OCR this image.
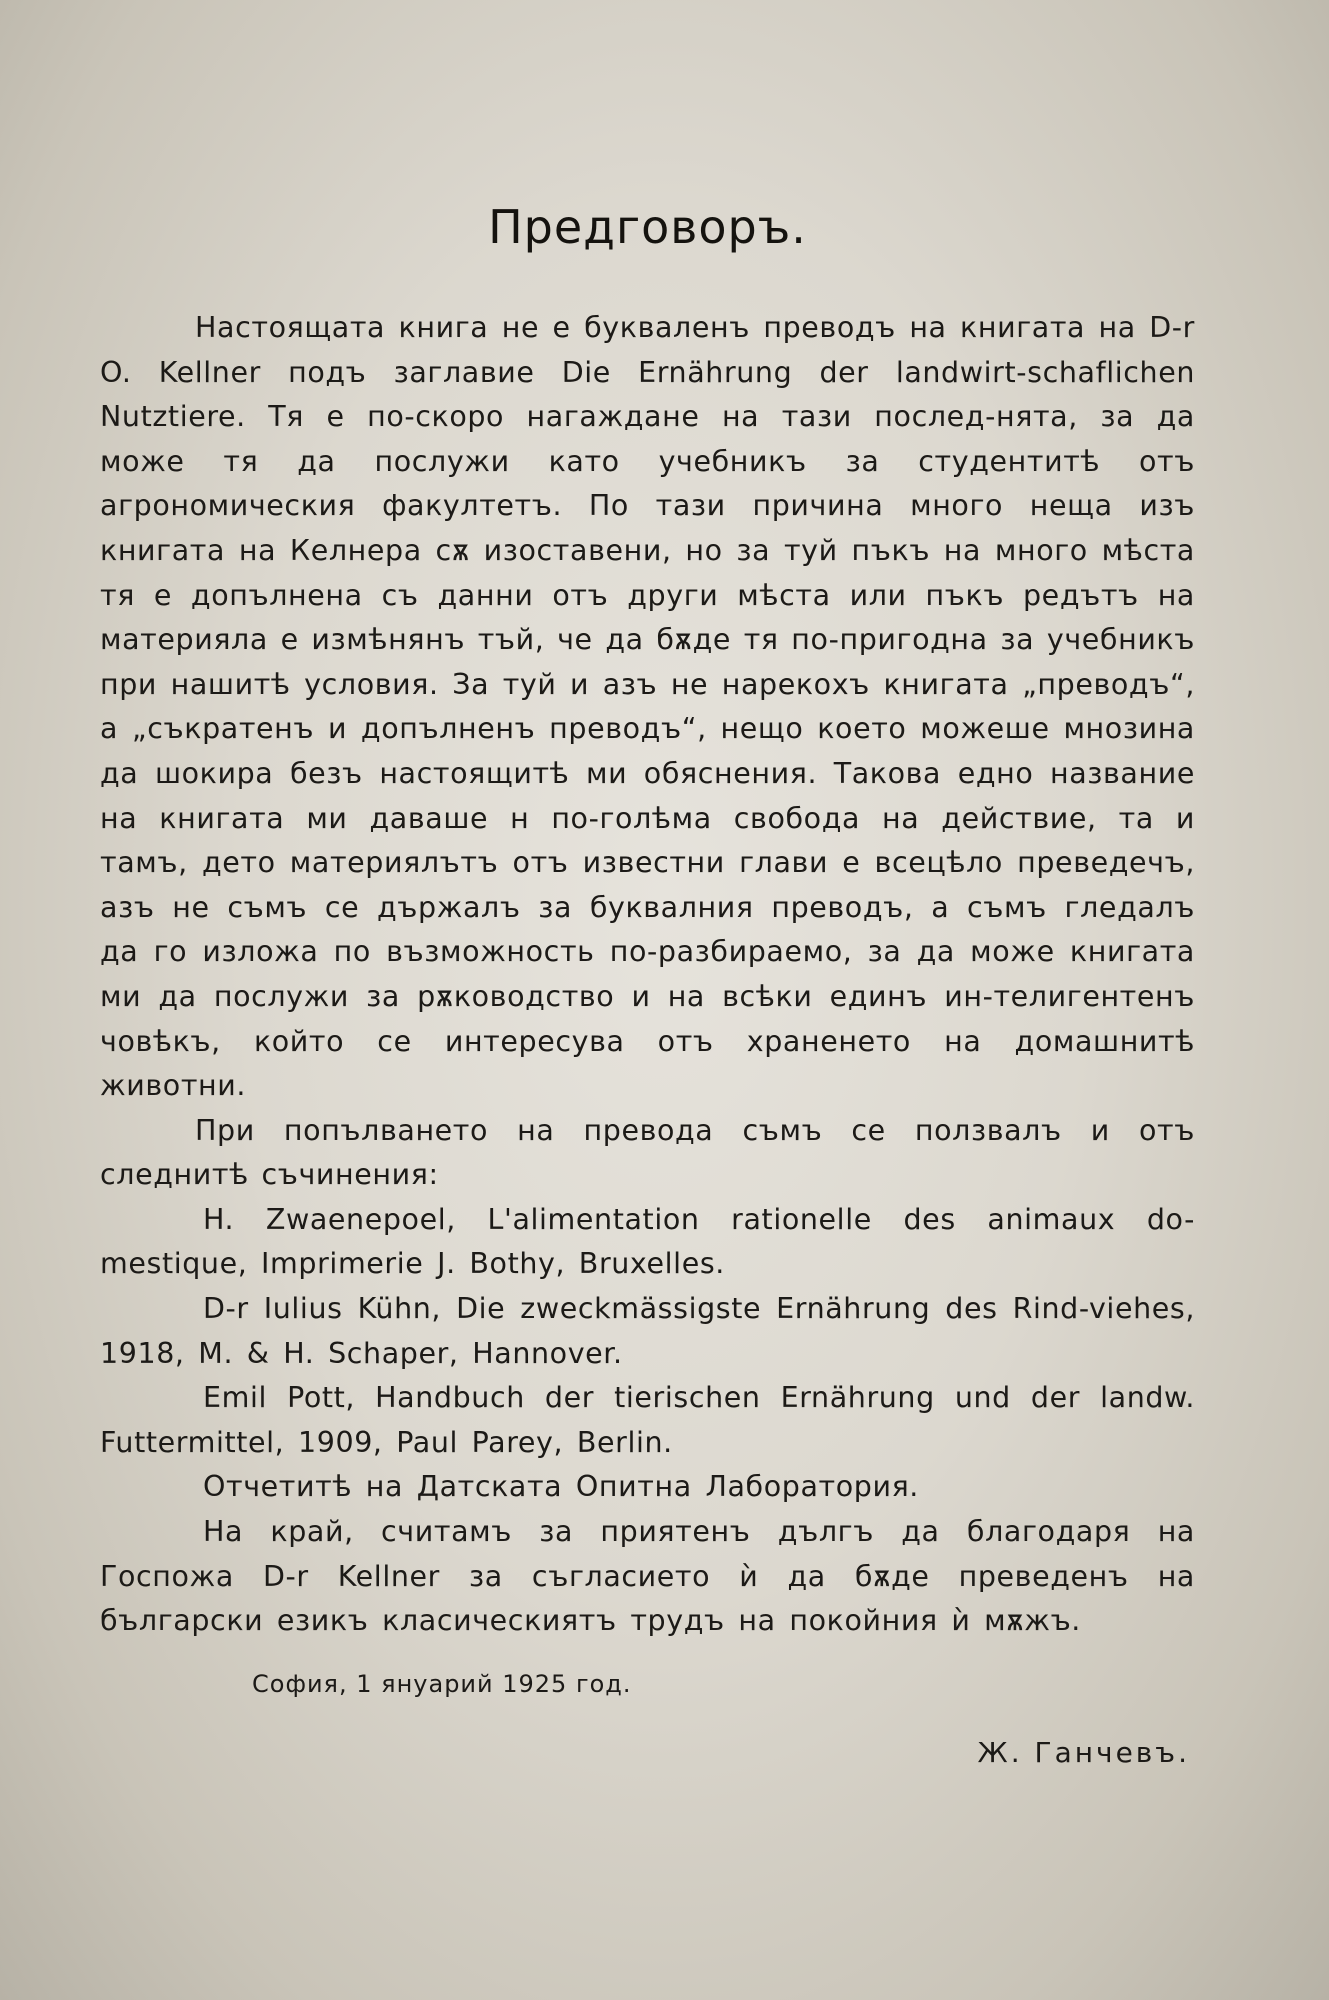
Предговоръ.

Настоящата книга не е букваленъ преводъ на книгата на D-r O. Kellner подъ заглавие Die Ernährung der landwirt-schaflichen Nutztiere. Тя е по-скоро нагаждане на тази послед-нята, за да може тя да послужи като учебникъ за студентитѣ отъ агрономическия факултетъ. По тази причина много неща изъ книгата на Келнера сѫ изоставени, но за туй пъкъ на много мѣста тя е допълнена съ данни отъ други мѣста или пъкъ редътъ на материяла е измѣнянъ тъй, че да бѫде тя по-пригодна за учебникъ при нашитѣ условия. За туй и азъ не нарекохъ книгата „преводъ“, а „съкратенъ и допълненъ преводъ“, нещо което можеше мнозина да шокира безъ настоящитѣ ми обяснения. Такова едно название на книгата ми даваше н по-голѣма свобода на действие, та и тамъ, дето материялътъ отъ известни глави е всецѣло преведечъ, азъ не съмъ се държалъ за буквалния преводъ, а съмъ гледалъ да го изложа по възможность по-разбираемо, за да може книгата ми да послужи за рѫководство и на всѣки единъ ин-телигентенъ човѣкъ, който се интересува отъ храненето на домашнитѣ животни.

При попълването на превода съмъ се ползвалъ и отъ следнитѣ съчинения:

H. Zwaenepoel, L'alimentation rationelle des animaux do-mestique, Imprimerie J. Bothy, Bruxelles.

D-r Iulius Kühn, Die zweckmässigste Ernährung des Rind-viehes, 1918, M. & H. Schaper, Hannover.

Emil Pott, Handbuch der tierischen Ernährung und der landw. Futtermittel, 1909, Paul Parey, Berlin.

Отчетитѣ на Датската Опитна Лаборатория.

На край, считамъ за приятенъ дългъ да благодаря на Госпожа D-r Kellner за съгласието ѝ да бѫде преведенъ на български езикъ класическиятъ трудъ на покойния ѝ мѫжъ.

София, 1 януарий 1925 год.
Ж. Ганчевъ.
